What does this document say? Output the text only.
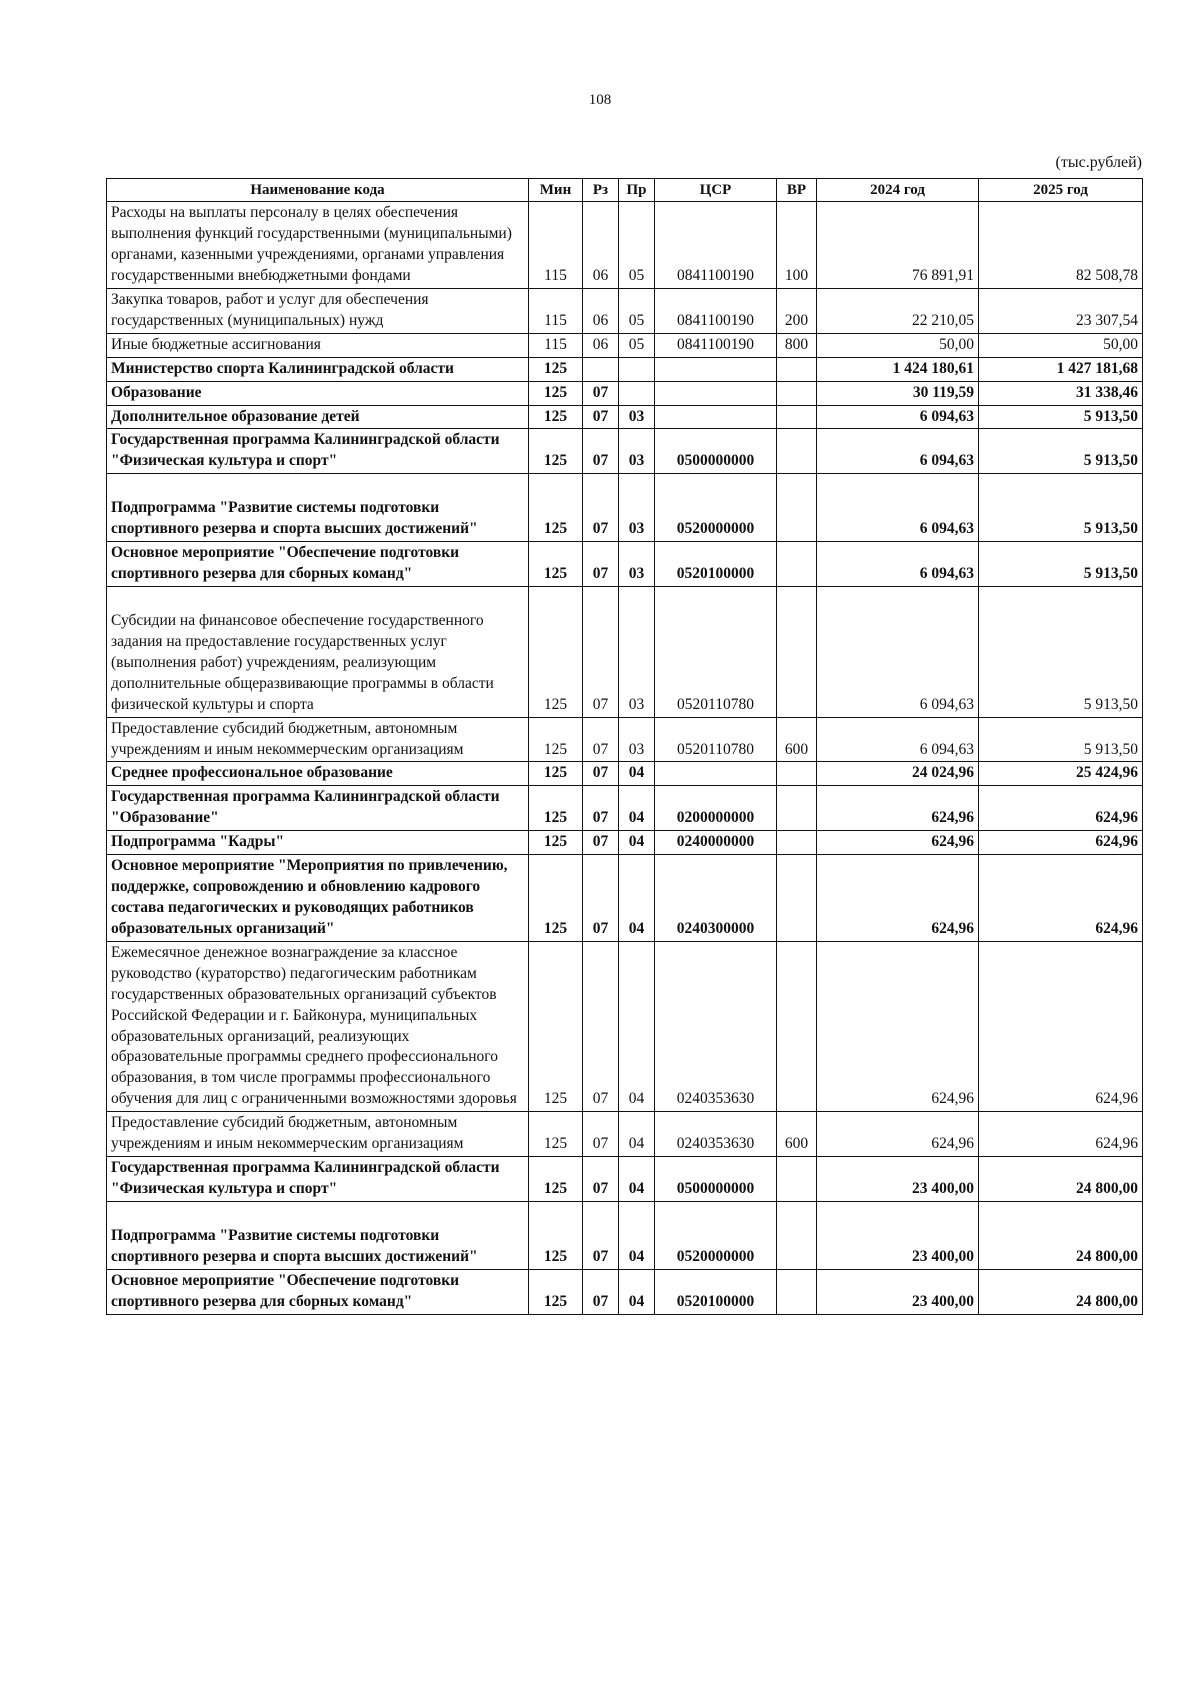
108
(тыс.рублей)
Наименование кода	Мин	Рз	Пр	ЦСР	ВР	2024 год	2025 год
Расходы на выплаты персоналу в целях обеспечения выполнения функций государственными (муниципальными) органами, казенными учреждениями, органами управления государственными внебюджетными фондами	115	06	05	0841100190	100	76 891,91	82 508,78
Закупка товаров, работ и услуг для обеспечения государственных (муниципальных) нужд	115	06	05	0841100190	200	22 210,05	23 307,54
Иные бюджетные ассигнования	115	06	05	0841100190	800	50,00	50,00
Министерство спорта Калининградской области	125					1 424 180,61	1 427 181,68
Образование	125	07				30 119,59	31 338,46
Дополнительное образование детей	125	07	03			6 094,63	5 913,50
Государственная программа Калининградской области "Физическая культура и спорт"	125	07	03	0500000000		6 094,63	5 913,50
Подпрограмма "Развитие системы подготовки спортивного резерва и спорта высших достижений"	125	07	03	0520000000		6 094,63	5 913,50
Основное мероприятие "Обеспечение подготовки спортивного резерва для сборных команд"	125	07	03	0520100000		6 094,63	5 913,50
Субсидии на финансовое обеспечение государственного задания на предоставление государственных услуг (выполнения работ) учреждениям, реализующим дополнительные общеразвивающие программы в области физической культуры и спорта	125	07	03	0520110780		6 094,63	5 913,50
Предоставление субсидий бюджетным, автономным учреждениям и иным некоммерческим организациям	125	07	03	0520110780	600	6 094,63	5 913,50
Среднее профессиональное образование	125	07	04			24 024,96	25 424,96
Государственная программа Калининградской области "Образование"	125	07	04	0200000000		624,96	624,96
Подпрограмма "Кадры"	125	07	04	0240000000		624,96	624,96
Основное мероприятие "Мероприятия по привлечению, поддержке, сопровождению и обновлению кадрового состава педагогических и руководящих работников образовательных организаций"	125	07	04	0240300000		624,96	624,96
Ежемесячное денежное вознаграждение за классное руководство (кураторство) педагогическим работникам государственных образовательных организаций субъектов Российской Федерации и г. Байконура, муниципальных образовательных организаций, реализующих образовательные программы среднего профессионального образования, в том числе программы профессионального обучения для лиц с ограниченными возможностями здоровья	125	07	04	0240353630		624,96	624,96
Предоставление субсидий бюджетным, автономным учреждениям и иным некоммерческим организациям	125	07	04	0240353630	600	624,96	624,96
Государственная программа Калининградской области "Физическая культура и спорт"	125	07	04	0500000000		23 400,00	24 800,00
Подпрограмма "Развитие системы подготовки спортивного резерва и спорта высших достижений"	125	07	04	0520000000		23 400,00	24 800,00
Основное мероприятие "Обеспечение подготовки спортивного резерва для сборных команд"	125	07	04	0520100000		23 400,00	24 800,00
